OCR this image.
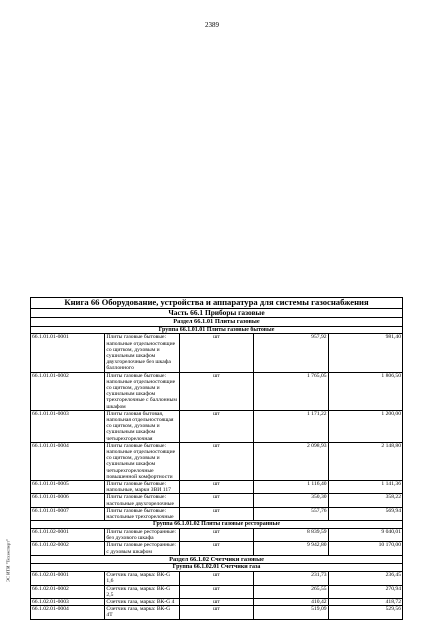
2389
ЭС ИТИ "Техэксперт"
Книга 66 Оборудование, устройства и аппаратура для системы газоснабжения				
Часть 66.1 Приборы газовые				
Раздел 66.1.01 Плиты газовые				
Группа 66.1.01.01 Плиты газовые бытовые				
66.1.01.01-0001	Плиты газовые бытовые: напольные отдельностоящие со щитком, духовым и сушильным шкафом двухгорелочные без шкафа баллонного	шт	957,92	981,40
66.1.01.01-0002	Плиты газовые бытовые: напольные отдельностоящие со щитком, духовым и сушильным шкафом трехгорелочные с баллонным шкафом	шт	1 765,05	1 806,50
66.1.01.01-0003	Плиты газовая бытовая, напольная отдельностоящая со щитком, духовым и сушильным шкафом четырехгорелочная	шт	1 171,22	1 200,00
66.1.01.01-0004	Плиты газовые бытовые: напольные отдельностоящие со щитком, духовым и сушильным шкафом четырехгорелочные повышенной комфортности	шт	2 098,93	2 148,80
66.1.01.01-0005	Плиты газовые бытовые: напольные, марки ЗВИ 117	шт	1 116,40	1 141,36
66.1.01.01-0006	Плиты газовые бытовые: настольные двухгорелочные	шт	350,30	358,22
66.1.01.01-0007	Плиты газовые бытовые: настольные трехгорелочные	шт	557,76	569,94
Группа 66.1.01.02 Плиты газовые ресторанные				
66.1.01.02-0001	Плиты газовые ресторанные: без духового шкафа	шт	8 839,59	9 040,01
66.1.01.02-0002	Плиты газовые ресторанные: с духовым шкафом	шт	9 942,80	10 170,00
Раздел 66.1.02 Счетчики газовые				
Группа 66.1.02.01 Счетчики газа				
66.1.02.01-0001	Счетчик газа, марка: ВК-G 1,6	шт	231,73	236,45
66.1.02.01-0002	Счетчик газа, марка: ВК-G 2,5	шт	265,55	270,94
66.1.02.01-0003	Счетчик газа, марка: ВК-G 4	шт	410,42	418,72
66.1.02.01-0004	Счетчик газа, марка: ВК-G 4Т	шт	519,09	529,56
